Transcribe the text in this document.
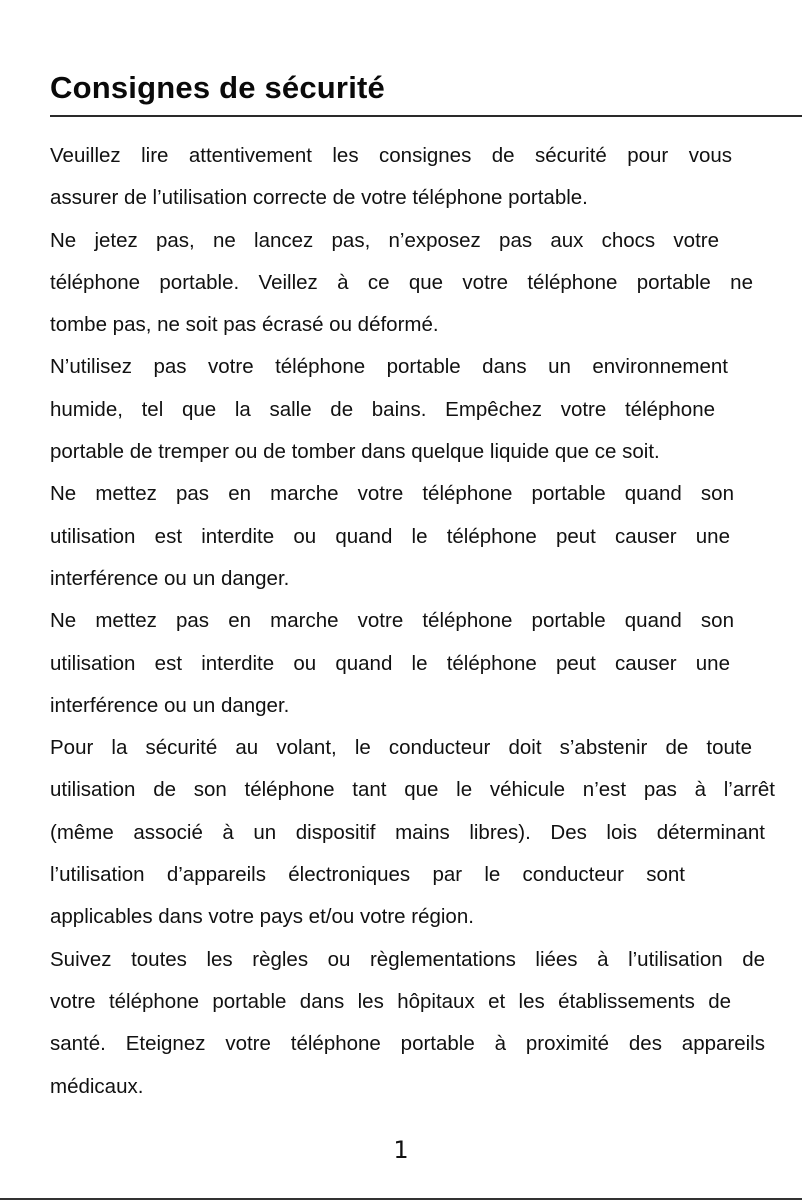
Consignes de sécurité
Veuillez lire attentivement les consignes de sécurité pour vous
assurer de l’utilisation correcte de votre téléphone portable.
Ne jetez pas, ne lancez pas, n’exposez pas aux chocs votre
téléphone portable. Veillez à ce que votre téléphone portable ne
tombe pas, ne soit pas écrasé ou déformé.
N’utilisez pas votre téléphone portable dans un environnement
humide, tel que la salle de bains. Empêchez votre téléphone
portable de tremper ou de tomber dans quelque liquide que ce soit.
Ne mettez pas en marche votre téléphone portable quand son
utilisation est interdite ou quand le téléphone peut causer une
interférence ou un danger.
Ne mettez pas en marche votre téléphone portable quand son
utilisation est interdite ou quand le téléphone peut causer une
interférence ou un danger.
Pour la sécurité au volant, le conducteur doit s’abstenir de toute
utilisation de son téléphone tant que le véhicule n’est pas à l’arrêt
(même associé à un dispositif mains libres). Des lois déterminant
l’utilisation d’appareils électroniques par le conducteur sont
applicables dans votre pays et/ou votre région.
Suivez toutes les règles ou règlementations liées à l’utilisation de
votre téléphone portable dans les hôpitaux et les établissements de
santé. Eteignez votre téléphone portable à proximité des appareils
médicaux.
1
